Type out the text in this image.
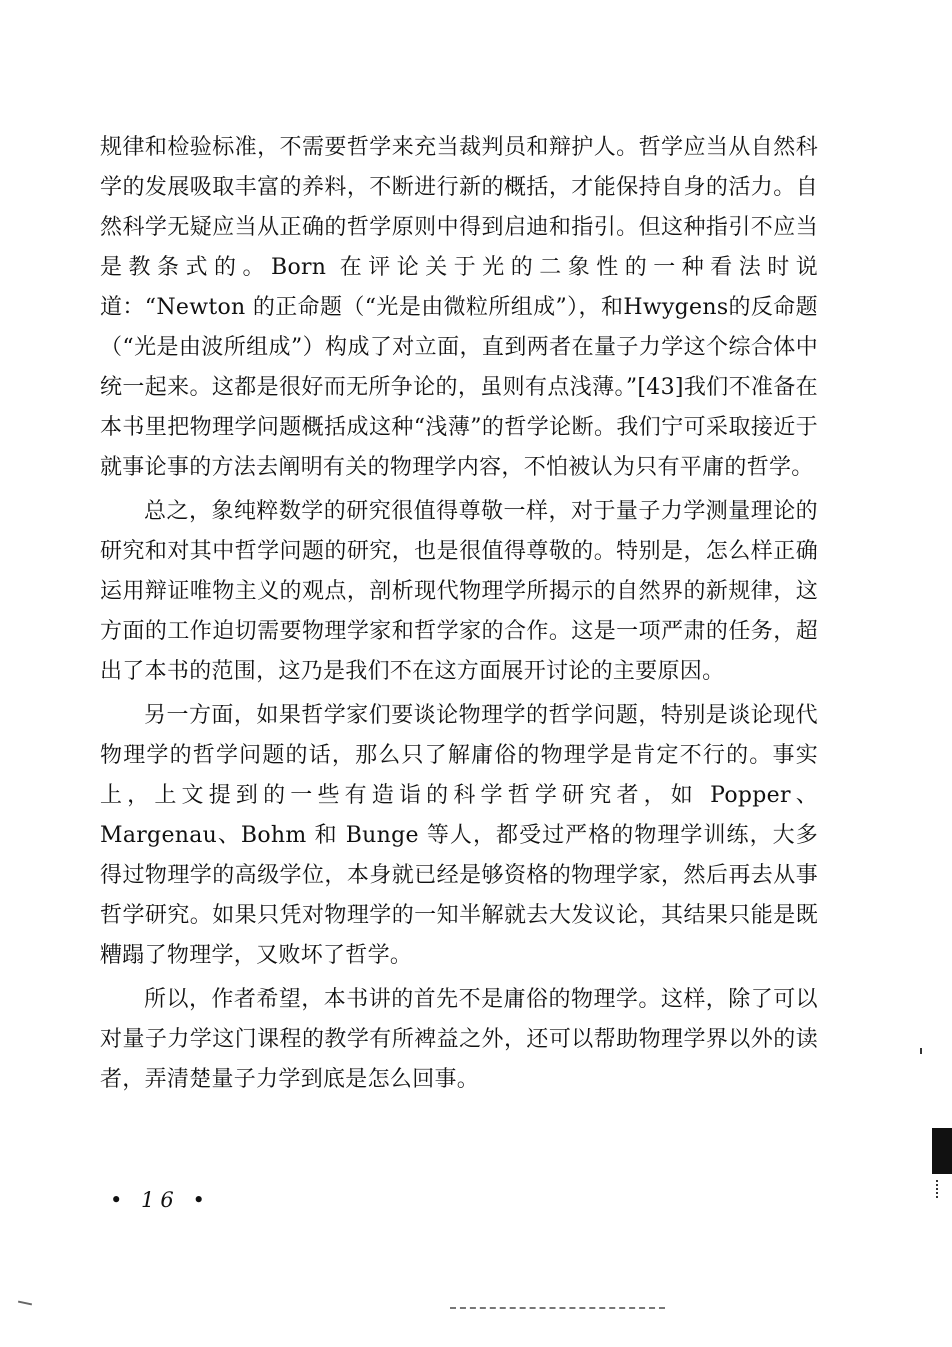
规律和检验标准，不需要哲学来充当裁判员和辩护人。哲学应当从自然科学的发展吸取丰富的养料，不断进行新的概括，才能保持自身的活力。自然科学无疑应当从正确的哲学原则中得到启迪和指引。但这种指引不应当是教条式的。Born 在评论关于光的二象性的一种看法时说道：“Newton 的正命题（“光是由微粒所组成”），和Hwygens的反命题（“光是由波所组成”）构成了对立面，直到两者在量子力学这个综合体中统一起来。这都是很好而无所争论的，虽则有点浅薄。”[43]我们不准备在本书里把物理学问题概括成这种“浅薄”的哲学论断。我们宁可采取接近于就事论事的方法去阐明有关的物理学内容，不怕被认为只有平庸的哲学。

总之，象纯粹数学的研究很值得尊敬一样，对于量子力学测量理论的研究和对其中哲学问题的研究，也是很值得尊敬的。特别是，怎么样正确运用辩证唯物主义的观点，剖析现代物理学所揭示的自然界的新规律，这方面的工作迫切需要物理学家和哲学家的合作。这是一项严肃的任务，超出了本书的范围，这乃是我们不在这方面展开讨论的主要原因。

另一方面，如果哲学家们要谈论物理学的哲学问题，特别是谈论现代物理学的哲学问题的话，那么只了解庸俗的物理学是肯定不行的。事实上，上文提到的一些有造诣的科学哲学研究者，如 Popper、Margenau、Bohm 和 Bunge 等人，都受过严格的物理学训练，大多得过物理学的高级学位，本身就已经是够资格的物理学家，然后再去从事哲学研究。如果只凭对物理学的一知半解就去大发议论，其结果只能是既糟蹋了物理学，又败坏了哲学。

所以，作者希望，本书讲的首先不是庸俗的物理学。这样，除了可以对量子力学这门课程的教学有所裨益之外，还可以帮助物理学界以外的读者，弄清楚量子力学到底是怎么回事。

• 16 •
